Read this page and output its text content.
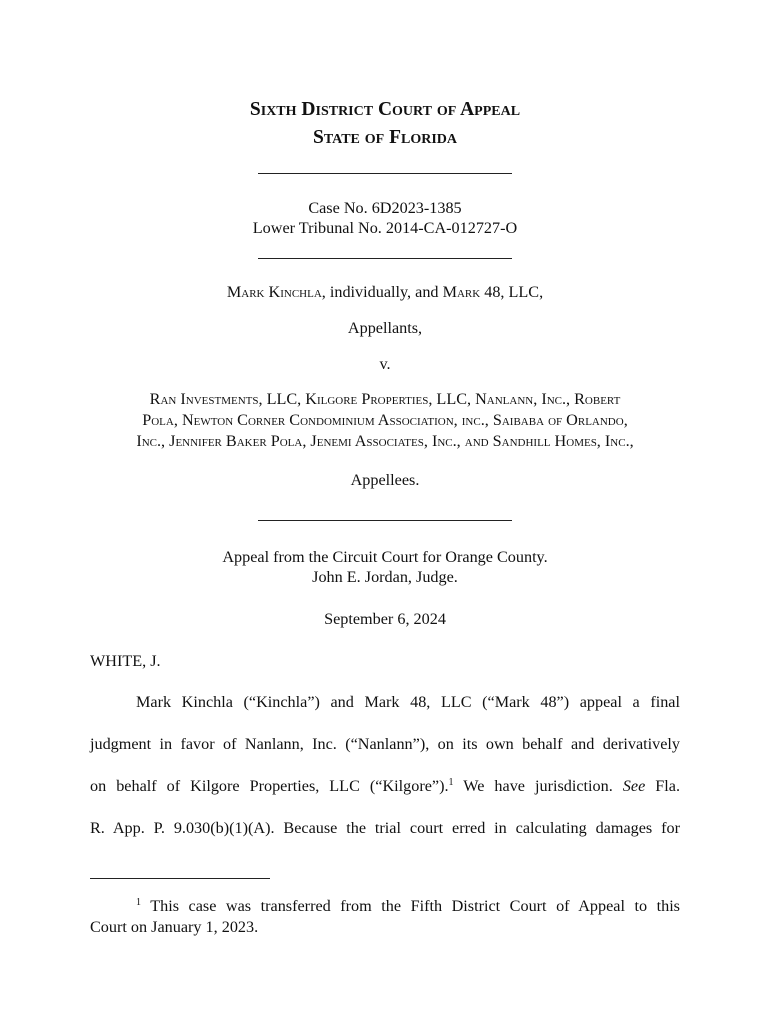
Sixth District Court of Appeal
State of Florida
Case No. 6D2023-1385
Lower Tribunal No. 2014-CA-012727-O
Mark Kinchla, individually, and Mark 48, LLC,
Appellants,
v.
Ran Investments, LLC, Kilgore Properties, LLC, Nanlann, Inc., Robert
Pola, Newton Corner Condominium Association, inc., Saibaba of Orlando,
Inc., Jennifer Baker Pola, Jenemi Associates, Inc., and Sandhill Homes, Inc.,
Appellees.
Appeal from the Circuit Court for Orange County.
John E. Jordan, Judge.
September 6, 2024
WHITE, J.
Mark Kinchla (“Kinchla”) and Mark 48, LLC (“Mark 48”) appeal a final
judgment in favor of Nanlann, Inc. (“Nanlann”), on its own behalf and derivatively
on behalf of Kilgore Properties, LLC (“Kilgore”).$^1$ We have jurisdiction. See Fla.
R. App. P. 9.030(b)(1)(A). Because the trial court erred in calculating damages for
$^1$ This case was transferred from the Fifth District Court of Appeal to this
Court on January 1, 2023.
